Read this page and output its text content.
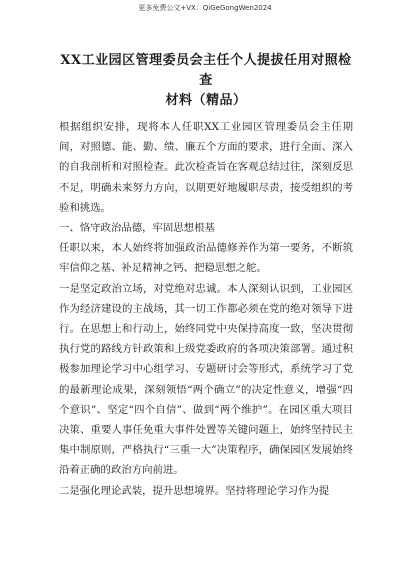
更多免费公文+VX：QiGeGongWen2024
XX工业园区管理委员会主任个人提拔任用对照检查
材料（精品）

根据组织安排，现将本人任职XX工业园区管理委员会主任期间，对照德、能、勤、绩、廉五个方面的要求，进行全面、深入的自我剖析和对照检查。此次检查旨在客观总结过往，深刻反思不足，明确未来努力方向，以期更好地履职尽责，接受组织的考验和挑选。

一、恪守政治品德，牢固思想根基

任职以来，本人始终将加强政治品德修养作为第一要务，不断筑牢信仰之基、补足精神之钙、把稳思想之舵。

一是坚定政治立场，对党绝对忠诚。本人深刻认识到，工业园区作为经济建设的主战场，其一切工作都必须在党的绝对领导下进行。在思想上和行动上，始终同党中央保持高度一致，坚决贯彻执行党的路线方针政策和上级党委政府的各项决策部署。通过积极参加理论学习中心组学习、专题研讨会等形式，系统学习了党的最新理论成果，深刻领悟“两个确立”的决定性意义，增强“四个意识”、坚定“四个自信”、做到“两个维护”。在园区重大项目决策、重要人事任免重大事件处置等关键问题上，始终坚持民主集中制原则，严格执行“三重一大”决策程序，确保园区发展始终沿着正确的政治方向前进。

二是强化理论武装，提升思想境界。坚持将理论学习作为提
